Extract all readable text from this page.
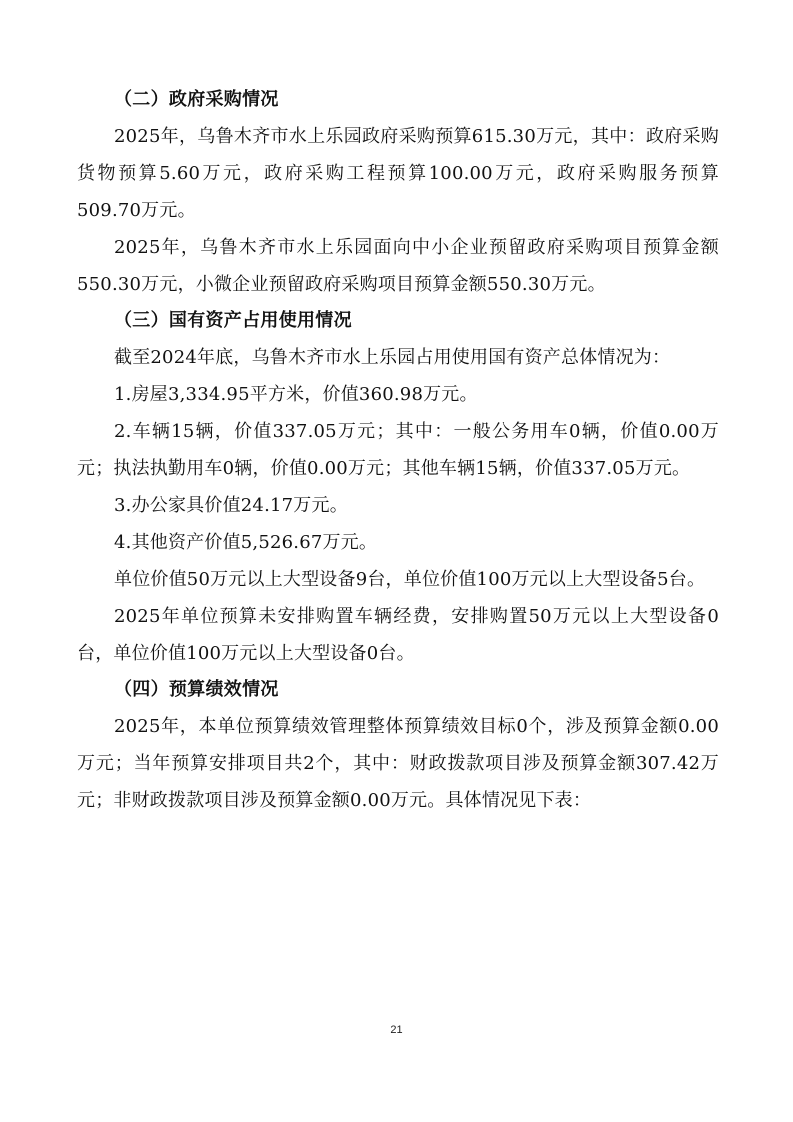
（二）政府采购情况

2025年，乌鲁木齐市水上乐园政府采购预算615.30万元，其中：政府采购货物预算5.60万元，政府采购工程预算100.00万元，政府采购服务预算509.70万元。

2025年，乌鲁木齐市水上乐园面向中小企业预留政府采购项目预算金额550.30万元，小微企业预留政府采购项目预算金额550.30万元。

（三）国有资产占用使用情况

截至2024年底，乌鲁木齐市水上乐园占用使用国有资产总体情况为：

1.房屋3,334.95平方米，价值360.98万元。

2.车辆15辆，价值337.05万元；其中：一般公务用车0辆，价值0.00万元；执法执勤用车0辆，价值0.00万元；其他车辆15辆，价值337.05万元。

3.办公家具价值24.17万元。

4.其他资产价值5,526.67万元。

单位价值50万元以上大型设备9台，单位价值100万元以上大型设备5台。

2025年单位预算未安排购置车辆经费，安排购置50万元以上大型设备0台，单位价值100万元以上大型设备0台。

（四）预算绩效情况

2025年，本单位预算绩效管理整体预算绩效目标0个，涉及预算金额0.00万元；当年预算安排项目共2个，其中：财政拨款项目涉及预算金额307.42万元；非财政拨款项目涉及预算金额0.00万元。具体情况见下表：

21
